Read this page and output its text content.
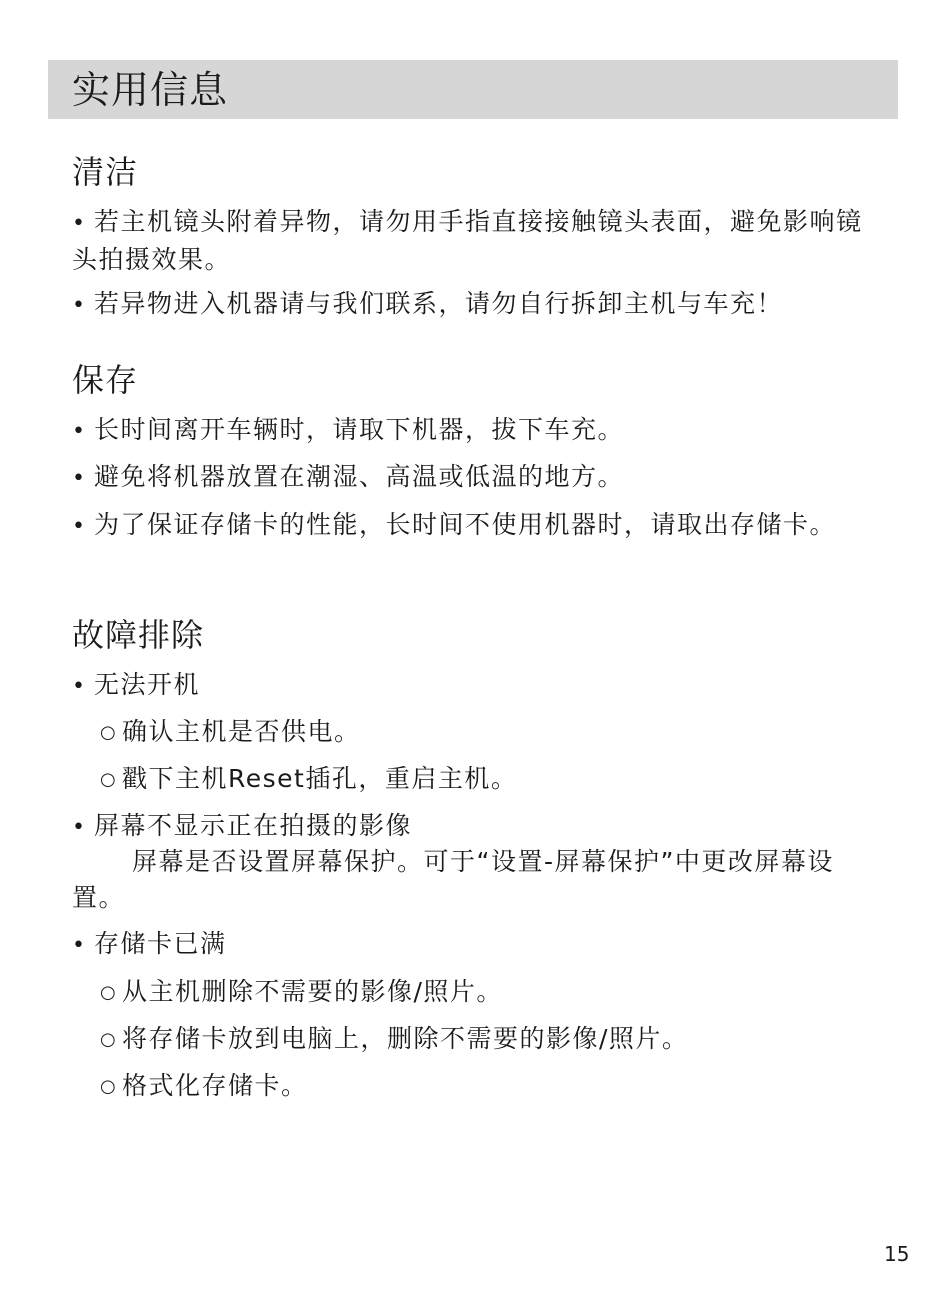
实用信息
清洁
• 若主机镜头附着异物，请勿用手指直接接触镜头表面，避免影响镜头拍摄效果。
• 若异物进入机器请与我们联系，请勿自行拆卸主机与车充！
保存
• 长时间离开车辆时，请取下机器，拔下车充。
• 避免将机器放置在潮湿、高温或低温的地方。
• 为了保证存储卡的性能，长时间不使用机器时，请取出存储卡。
故障排除
• 无法开机
○ 确认主机是否供电。
○ 戳下主机Reset插孔，重启主机。
• 屏幕不显示正在拍摄的影像
屏幕是否设置屏幕保护。可于“设置-屏幕保护”中更改屏幕设置。
• 存储卡已满
○ 从主机删除不需要的影像/照片。
○ 将存储卡放到电脑上，删除不需要的影像/照片。
○ 格式化存储卡。
15
